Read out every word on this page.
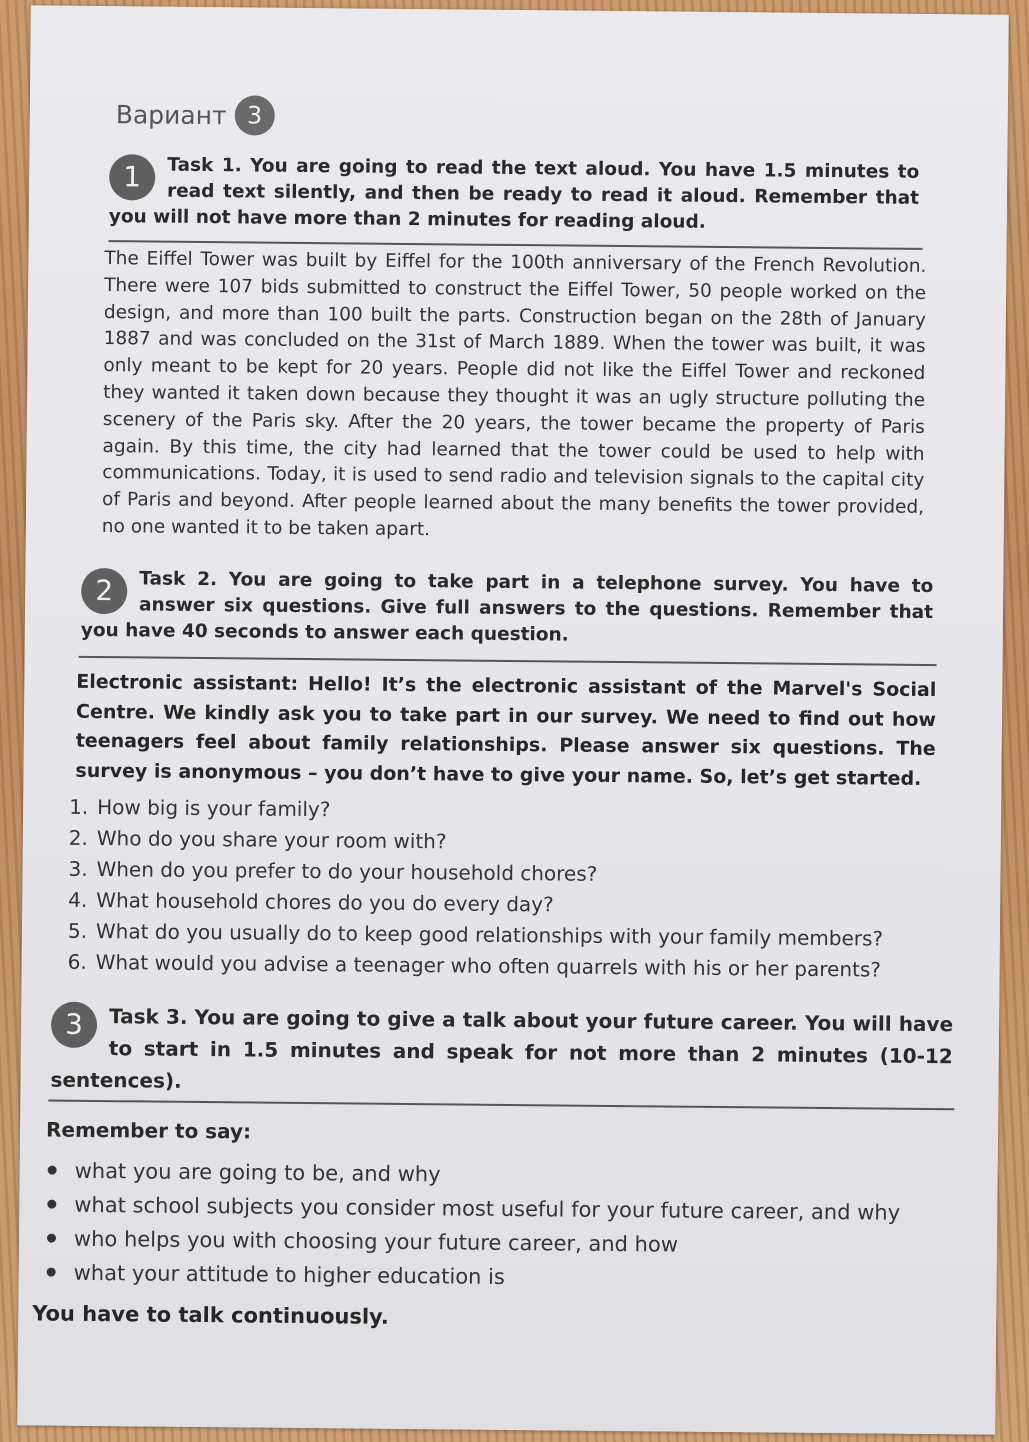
Вариант 3
1	Task 1. You are going to read the text aloud. You have 1.5 minutes to read text silently, and then be ready to read it aloud. Remember that you will not have more than 2 minutes for reading aloud.
The Eiffel Tower was built by Eiffel for the 100th anniversary of the French Revolution. There were 107 bids submitted to construct the Eiffel Tower, 50 people worked on the design, and more than 100 built the parts. Construction began on the 28th of January 1887 and was concluded on the 31st of March 1889. When the tower was built, it was only meant to be kept for 20 years. People did not like the Eiffel Tower and reckoned they wanted it taken down because they thought it was an ugly structure polluting the scenery of the Paris sky. After the 20 years, the tower became the property of Paris again. By this time, the city had learned that the tower could be used to help with communications. Today, it is used to send radio and television signals to the capital city of Paris and beyond. After people learned about the many benefits the tower provided, no one wanted it to be taken apart.
2	Task 2. You are going to take part in a telephone survey. You have to answer six questions. Give full answers to the questions. Remember that you have 40 seconds to answer each question.
Electronic assistant: Hello! It’s the electronic assistant of the Marvel's Social Centre. We kindly ask you to take part in our survey. We need to find out how teenagers feel about family relationships. Please answer six questions. The survey is anonymous – you don’t have to give your name. So, let’s get started.
1. How big is your family?
2. Who do you share your room with?
3. When do you prefer to do your household chores?
4. What household chores do you do every day?
5. What do you usually do to keep good relationships with your family members?
6. What would you advise a teenager who often quarrels with his or her parents?
3	Task 3. You are going to give a talk about your future career. You will have to start in 1.5 minutes and speak for not more than 2 minutes (10-12 sentences).
Remember to say:
what you are going to be, and why
what school subjects you consider most useful for your future career, and why
who helps you with choosing your future career, and how
what your attitude to higher education is
You have to talk continuously.
